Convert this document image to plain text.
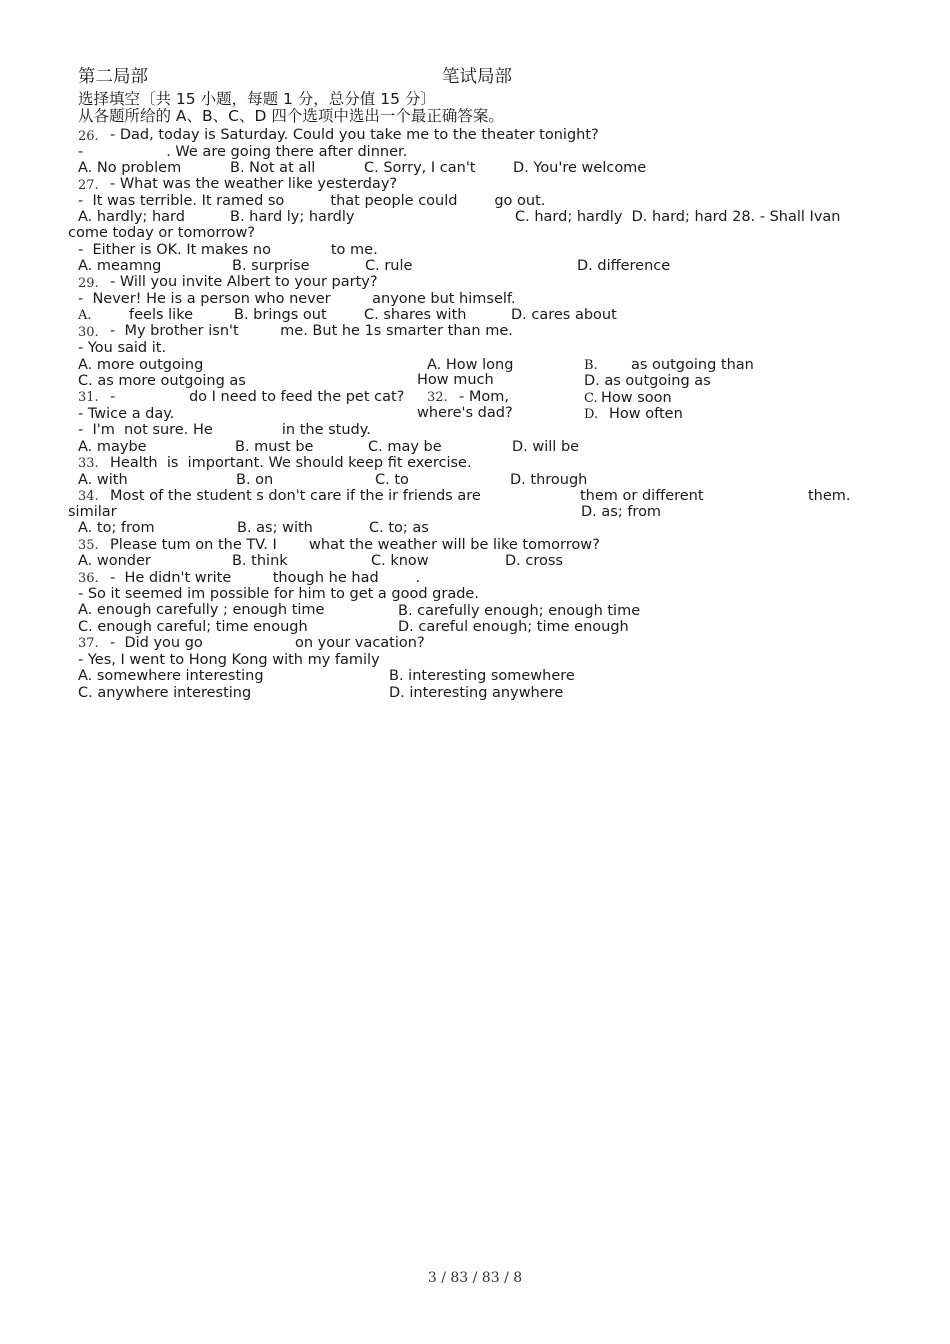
第二局部	笔试局部
选择填空〔共 15 小题，每题 1 分，总分值 15 分〕
从各题所给的 A、B、C、D 四个选项中选出一个最正确答案。
26. - Dad, today is Saturday. Could you take me to the theater tonight?
-                  . We are going there after dinner.
A. No problem	B. Not at all	C. Sorry, I can't	D. You're welcome
27. - What was the weather like yesterday?
-  It was terrible. It ramed so          that people could        go out.
A. hardly; hard	B. hard ly; hardly	C. hard; hardly  D. hard; hard 28. - Shall Ivan
come today or tomorrow?
-  Either is OK. It makes no             to me.
A. meamng	B. surprise	C. rule	D. difference
29. - Will you invite Albert to your party?
-  Never! He is a person who never         anyone but himself.
A.	feels like	B. brings out	C. shares with	D. cares about
30. -  My brother isn't         me. But he 1s smarter than me.
- You said it.
A. more outgoing	A. How long	B. as outgoing than
C. as more outgoing as	How much	D. as outgoing as
31. -                do I need to feed the pet cat? 32. - Mom,	C. How soon
- Twice a day.	where's dad?	D. How often
-  I'm  not sure. He               in the study.
A. maybe	B. must be	C. may be	D. will be
33. Health  is  important. We should keep fit exercise.
A. with	B. on	C. to	D. through
34. Most of the student s don't care if the ir friends are	them or different	them.
similar	D. as; from
A. to; from	B. as; with	C. to; as
35. Please tum on the TV. I       what the weather will be like tomorrow?
A. wonder	B. think	C. know	D. cross
36. -  He didn't write         though he had        .
- So it seemed im possible for him to get a good grade.
A. enough carefully ; enough time	B. carefully enough; enough time
C. enough careful; time enough	D. careful enough; time enough
37. -  Did you go                    on your vacation?
- Yes, I went to Hong Kong with my family
A. somewhere interesting	B. interesting somewhere
C. anywhere interesting	D. interesting anywhere
3 / 83 / 83 / 8
